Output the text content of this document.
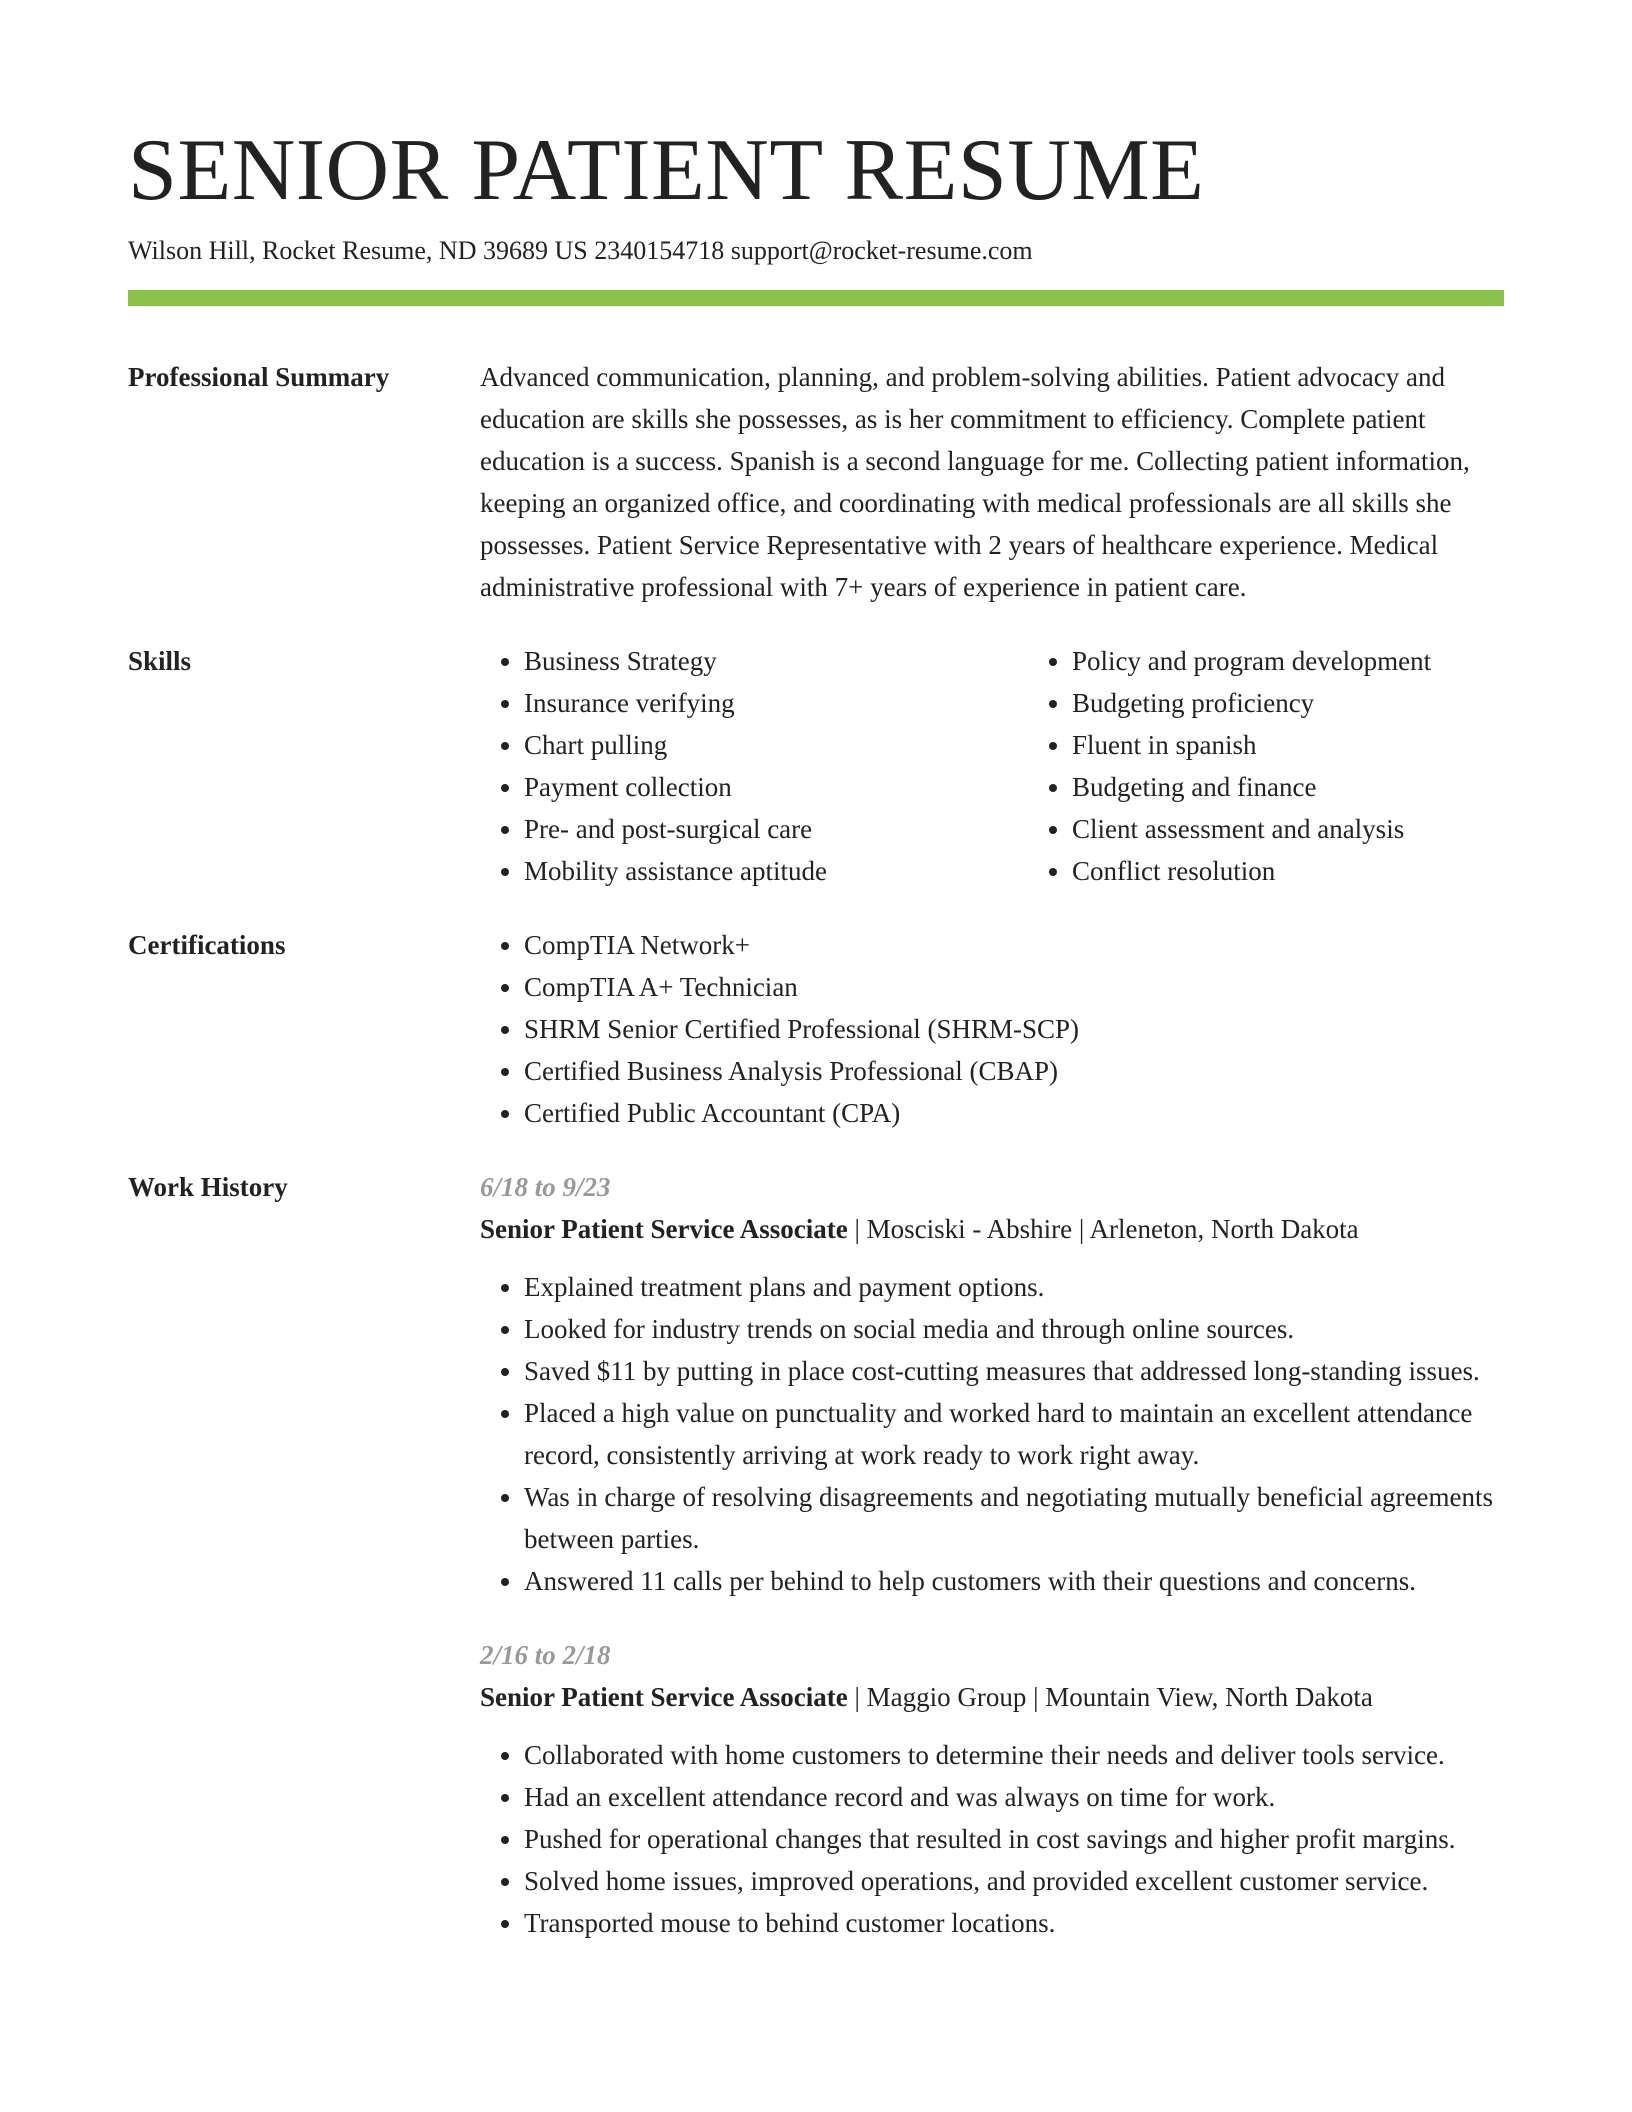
SENIOR PATIENT RESUME
Wilson Hill, Rocket Resume, ND 39689 US 2340154718 support@rocket-resume.com
Professional Summary	Advanced communication, planning, and problem-solving abilities. Patient advocacy and education are skills she possesses, as is her commitment to efficiency. Complete patient education is a success. Spanish is a second language for me. Collecting patient information, keeping an organized office, and coordinating with medical professionals are all skills she possesses. Patient Service Representative with 2 years of healthcare experience. Medical administrative professional with 7+ years of experience in patient care.

Skills	• Business Strategy
• Insurance verifying
• Chart pulling
• Payment collection
• Pre- and post-surgical care
• Mobility assistance aptitude
• Policy and program development
• Budgeting proficiency
• Fluent in spanish
• Budgeting and finance
• Client assessment and analysis
• Conflict resolution
Certifications	• CompTIA Network+
• CompTIA A+ Technician
• SHRM Senior Certified Professional (SHRM-SCP)
• Certified Business Analysis Professional (CBAP)
• Certified Public Accountant (CPA)
Work History	6/18 to 9/23
Senior Patient Service Associate | Mosciski - Abshire | Arleneton, North Dakota
• Explained treatment plans and payment options.
• Looked for industry trends on social media and through online sources.
• Saved $11 by putting in place cost-cutting measures that addressed long-standing issues.
• Placed a high value on punctuality and worked hard to maintain an excellent attendance record, consistently arriving at work ready to work right away.
• Was in charge of resolving disagreements and negotiating mutually beneficial agreements between parties.
• Answered 11 calls per behind to help customers with their questions and concerns.
2/16 to 2/18
Senior Patient Service Associate | Maggio Group | Mountain View, North Dakota
• Collaborated with home customers to determine their needs and deliver tools service.
• Had an excellent attendance record and was always on time for work.
• Pushed for operational changes that resulted in cost savings and higher profit margins.
• Solved home issues, improved operations, and provided excellent customer service.
• Transported mouse to behind customer locations.
